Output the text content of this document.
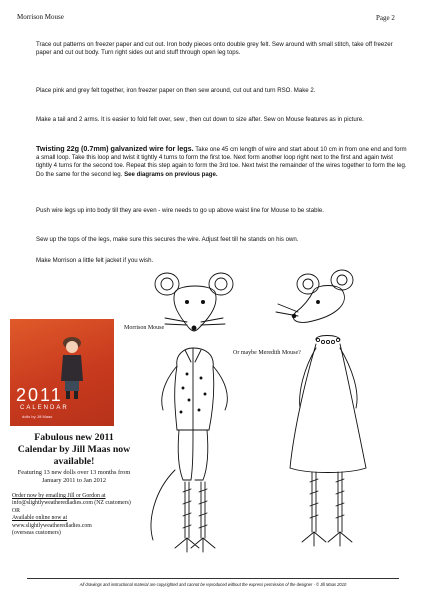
Morrison Mouse	Page 2
Trace out patterns on freezer paper and cut out. Iron body pieces onto double grey felt. Sew around with small stitch, take off freezer paper and cut out body. Turn right sides out and stuff through open leg tops.
Place pink and grey felt together, iron freezer paper on then sew around, cut out and turn RSO. Make 2.
Make a tail and 2 arms. It is easier to fold felt over, sew , then cut down to size after. Sew on Mouse features as in picture.
Twisting 22g (0.7mm) galvanized wire for legs. Take one 45 cm length of wire and start about 10 cm in from one end and form a small loop. Take this loop and twist it tightly 4 turns to form the first toe. Next form another loop right next to the first and again twist tightly 4 turns for the second toe. Repeat this step again to form the 3rd toe. Next twist the remainder of the wires together to form the leg. Do the same for the second leg. See diagrams on previous page.
Push wire legs up into body till they are even - wire needs to go up above waist line for Mouse to be stable.
Sew up the tops of the legs, make sure this secures the wire. Adjust feet till he stands on his own.
Make Morrison a little felt jacket if you wish.
Morrison Mouse
Or maybe Meredith Mouse?
2011
CALENDAR
dolls by Jill Maas
Fabulous new 2011 Calendar by Jill Maas now available!
Featuring 13 new dolls over 13 months from January 2011 to Jan 2012
Order now by emailing Jill or Gordon at
info@slightlyweatheredladies.com (NZ customers)
OR
Available online now at
www.slightlyweatheredladies.com
(overseas customers)
All drawings and instructional material are copyrighted and cannot be reproduced without the express permission of the designer - © Jill Maas 2010
